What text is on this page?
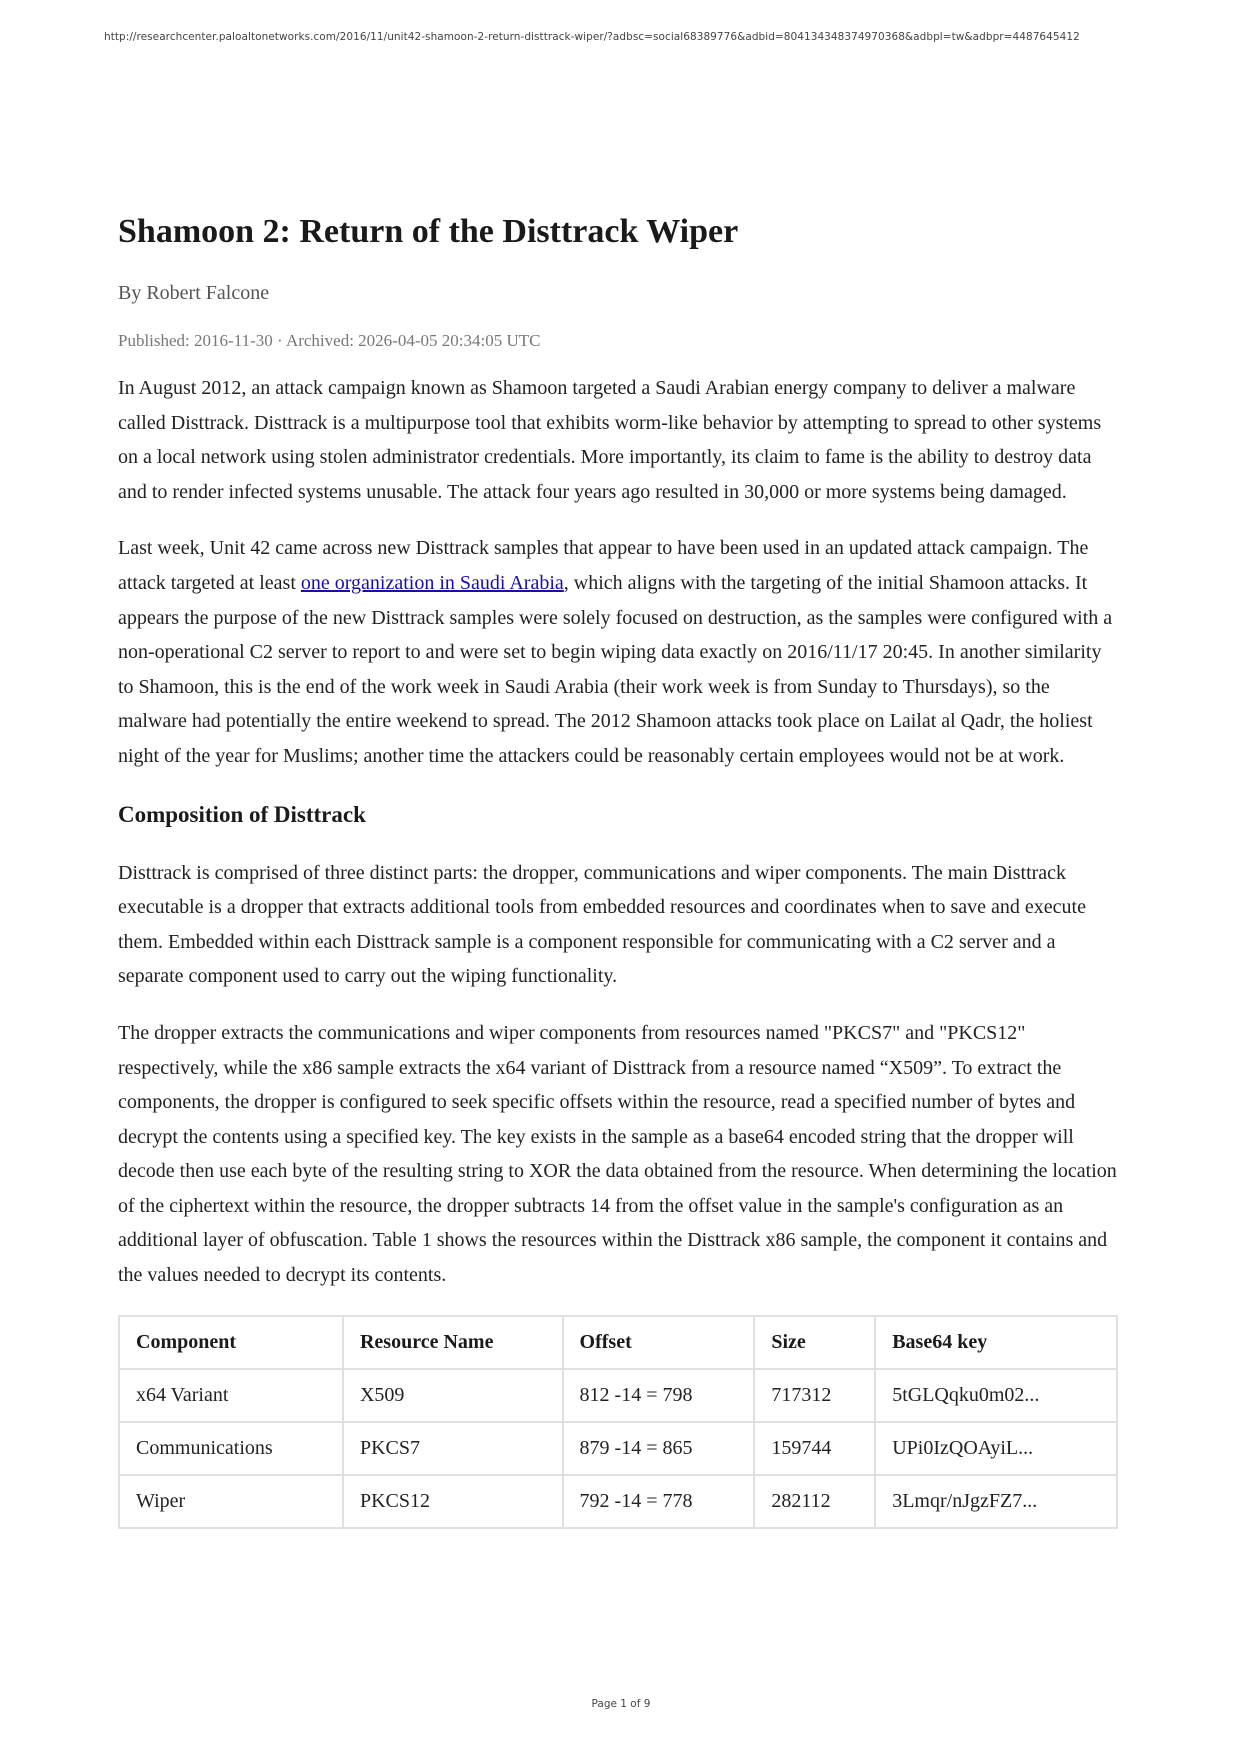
http://researchcenter.paloaltonetworks.com/2016/11/unit42-shamoon-2-return-disttrack-wiper/?adbsc=social68389776&adbid=804134348374970368&adbpl=tw&adbpr=4487645412
Shamoon 2: Return of the Disttrack Wiper
By Robert Falcone
Published: 2016-11-30 · Archived: 2026-04-05 20:34:05 UTC

In August 2012, an attack campaign known as Shamoon targeted a Saudi Arabian energy company to deliver a malware called Disttrack. Disttrack is a multipurpose tool that exhibits worm-like behavior by attempting to spread to other systems on a local network using stolen administrator credentials. More importantly, its claim to fame is the ability to destroy data and to render infected systems unusable. The attack four years ago resulted in 30,000 or more systems being damaged.

Last week, Unit 42 came across new Disttrack samples that appear to have been used in an updated attack campaign. The attack targeted at least one organization in Saudi Arabia, which aligns with the targeting of the initial Shamoon attacks. It appears the purpose of the new Disttrack samples were solely focused on destruction, as the samples were configured with a non-operational C2 server to report to and were set to begin wiping data exactly on 2016/11/17 20:45. In another similarity to Shamoon, this is the end of the work week in Saudi Arabia (their work week is from Sunday to Thursdays), so the malware had potentially the entire weekend to spread. The 2012 Shamoon attacks took place on Lailat al Qadr, the holiest night of the year for Muslims; another time the attackers could be reasonably certain employees would not be at work.

Composition of Disttrack

Disttrack is comprised of three distinct parts: the dropper, communications and wiper components. The main Disttrack executable is a dropper that extracts additional tools from embedded resources and coordinates when to save and execute them. Embedded within each Disttrack sample is a component responsible for communicating with a C2 server and a separate component used to carry out the wiping functionality.

The dropper extracts the communications and wiper components from resources named "PKCS7" and "PKCS12" respectively, while the x86 sample extracts the x64 variant of Disttrack from a resource named “X509”. To extract the components, the dropper is configured to seek specific offsets within the resource, read a specified number of bytes and decrypt the contents using a specified key. The key exists in the sample as a base64 encoded string that the dropper will decode then use each byte of the resulting string to XOR the data obtained from the resource. When determining the location of the ciphertext within the resource, the dropper subtracts 14 from the offset value in the sample's configuration as an additional layer of obfuscation. Table 1 shows the resources within the Disttrack x86 sample, the component it contains and the values needed to decrypt its contents.

Component	Resource Name	Offset	Size	Base64 key
x64 Variant	X509	812 -14 = 798	717312	5tGLQqku0m02...
Communications	PKCS7	879 -14 = 865	159744	UPi0IzQOAyiL...
Wiper	PKCS12	792 -14 = 778	282112	3Lmqr/nJgzFZ7...
Page 1 of 9
